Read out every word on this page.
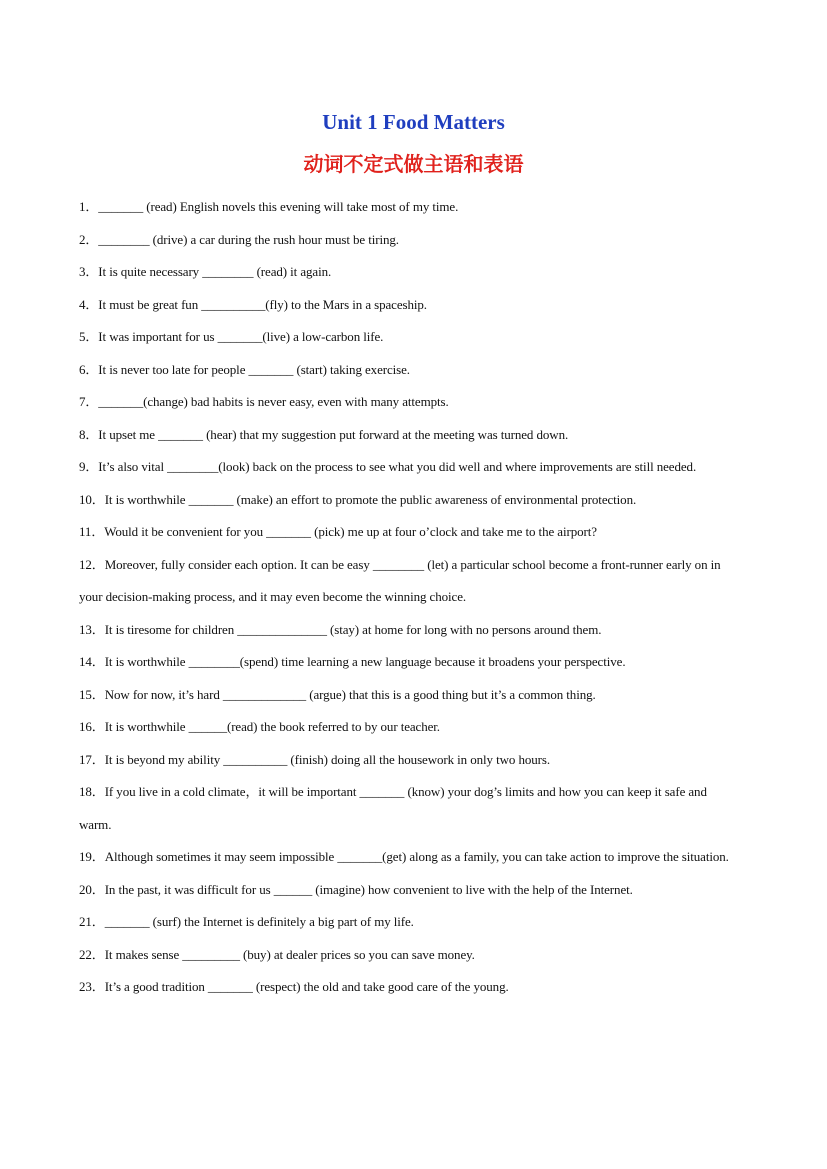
Unit 1 Food Matters
动词不定式做主语和表语
1．_______ (read) English novels this evening will take most of my time.
2．________ (drive) a car during the rush hour must be tiring.
3．It is quite necessary ________ (read) it again.
4．It must be great fun __________(fly) to the Mars in a spaceship.
5．It was important for us _______(live) a low-carbon life.
6．It is never too late for people _______ (start) taking exercise.
7．_______(change) bad habits is never easy, even with many attempts.
8．It upset me _______ (hear) that my suggestion put forward at the meeting was turned down.
9．It’s also vital ________(look) back on the process to see what you did well and where improvements are still needed.
10．It is worthwhile _______ (make) an effort to promote the public awareness of environmental protection.
11．Would it be convenient for you _______ (pick) me up at four o’clock and take me to the airport?
12．Moreover, fully consider each option. It can be easy ________ (let) a particular school become a front-runner early on in your decision-making process, and it may even become the winning choice.
13．It is tiresome for children ______________ (stay) at home for long with no persons around them.
14．It is worthwhile ________(spend) time learning a new language because it broadens your perspective.
15．Now for now, it’s hard _____________ (argue) that this is a good thing but it’s a common thing.
16．It is worthwhile ______(read) the book referred to by our teacher.
17．It is beyond my ability __________ (finish) doing all the housework in only two hours.
18．If you live in a cold climate，it will be important _______ (know) your dog’s limits and how you can keep it safe and warm.
19．Although sometimes it may seem impossible _______(get) along as a family, you can take action to improve the situation.
20．In the past, it was difficult for us ______ (imagine) how convenient to live with the help of the Internet.
21．_______ (surf) the Internet is definitely a big part of my life.
22．It makes sense _________ (buy) at dealer prices so you can save money.
23．It’s a good tradition _______ (respect) the old and take good care of the young.
